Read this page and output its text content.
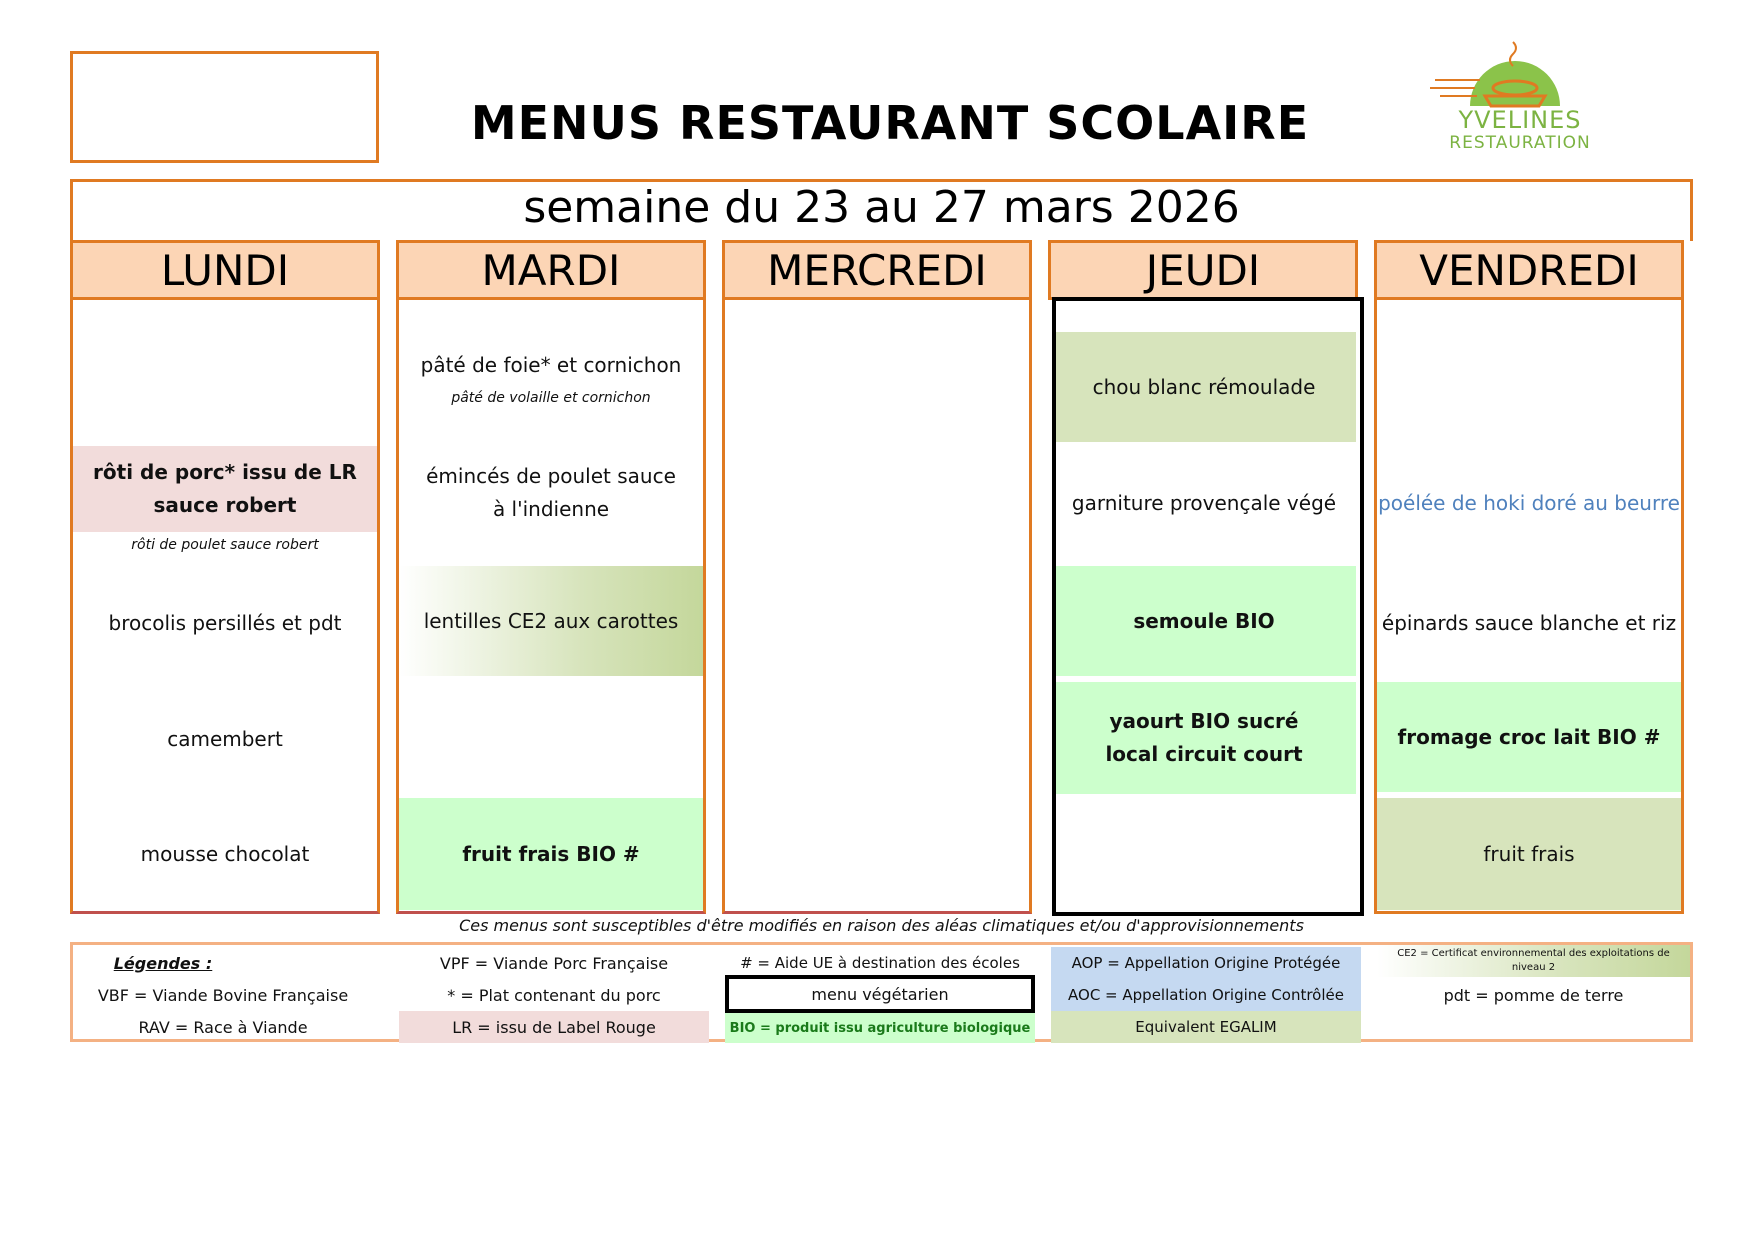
MENUS RESTAURANT SCOLAIRE	YVELINES
RESTAURATION
semaine du 23 au 27 mars 2026
LUNDI
rôti de porc* issu de LR sauce robert
rôti de poulet sauce robert
brocolis persillés et pdt
camembert
mousse chocolat
MARDI
pâté de foie* et cornichon
pâté de volaille et cornichon
émincés de poulet sauce à l'indienne
lentilles CE2 aux carottes
fruit frais BIO #
MERCREDI	JEUDI
chou blanc rémoulade
garniture provençale végé
semoule BIO
yaourt BIO sucré local circuit court
VENDREDI
poélée de hoki doré au beurre
épinards sauce blanche et riz
fromage croc lait BIO #
fruit frais
Ces menus sont susceptibles d'être modifiés en raison des aléas climatiques et/ou d'approvisionnements
Légendes :
VBF = Viande Bovine Française
RAV = Race à Viande
VPF = Viande Porc Française
* = Plat contenant du porc
LR = issu de Label Rouge
# = Aide UE à destination des écoles
menu végétarien
BIO = produit issu agriculture biologique
AOP = Appellation Origine Protégée
AOC = Appellation Origine Contrôlée
Equivalent EGALIM
CE2 = Certificat environnemental des exploitations de niveau 2
pdt = pomme de terre
